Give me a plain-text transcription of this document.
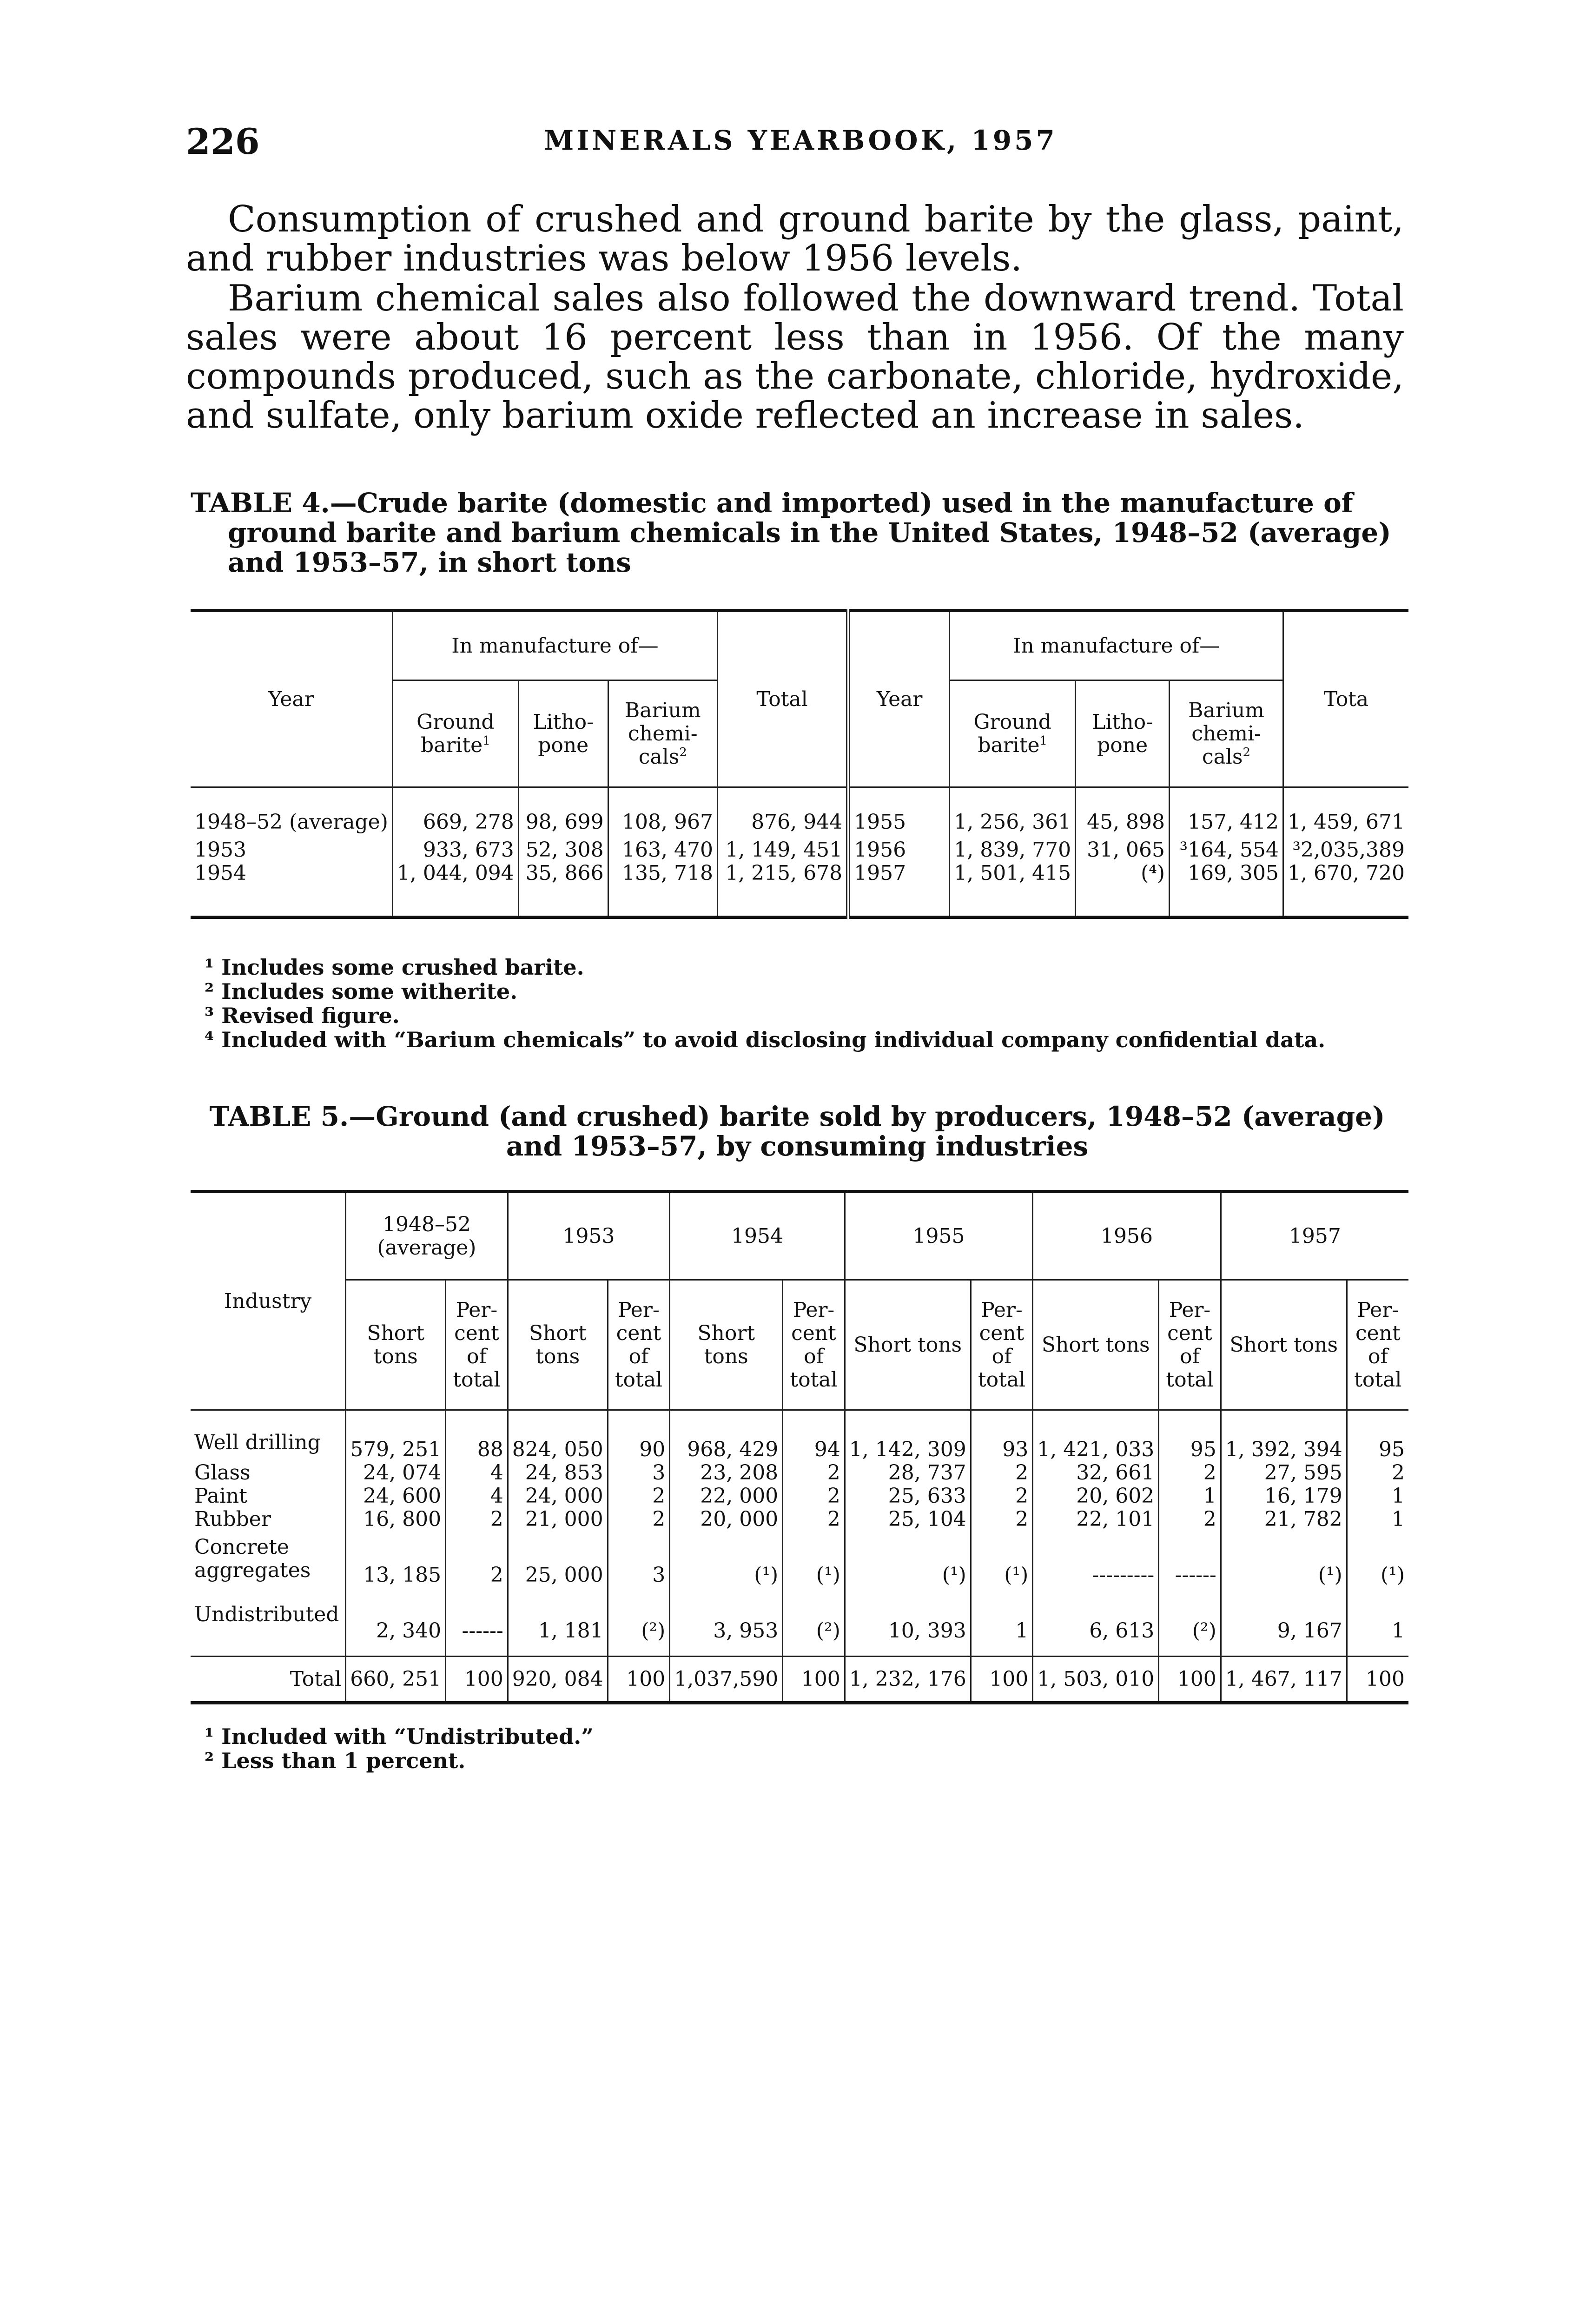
226	MINERALS YEARBOOK, 1957

Consumption of crushed and ground barite by the glass, paint, and rubber industries was below 1956 levels.

Barium chemical sales also followed the downward trend. Total sales were about 16 percent less than in 1956. Of the many compounds produced, such as the carbonate, chloride, hydroxide, and sulfate, only barium oxide reflected an increase in sales.

TABLE 4.—Crude barite (domestic and imported) used in the manufacture of ground barite and barium chemicals in the United States, 1948–52 (average) and 1953–57, in short tons

Year	In manufacture of—			Total	Year	In manufacture of—			Tota
	Ground barite$^1$	Litho- pone	Barium chemi- cals$^2$			Ground barite$^1$	Litho- pone	Barium chemi- cals$^2$
1948–52 (average)	669, 278	98, 699	108, 967	876, 944	1955	1, 256, 361	45, 898	157, 412	1, 459, 671
1953	933, 673	52, 308	163, 470	1, 149, 451	1956	1, 839, 770	31, 065	³164, 554	³2,035,389
1954	1, 044, 094	35, 866	135, 718	1, 215, 678	1957	1, 501, 415	(⁴)	169, 305	1, 670, 720

¹ Includes some crushed barite.
² Includes some witherite.
³ Revised figure.
⁴ Included with “Barium chemicals” to avoid disclosing individual company confidential data.

TABLE 5.—Ground (and crushed) barite sold by producers, 1948–52 (average) and 1953–57, by consuming industries

Industry	1948–52 (average)		1953		1954		1955		1956		1957	
	Short tons	Per- cent of total	Short tons	Per- cent of total	Short tons	Per- cent of total	Short tons	Per- cent of total	Short tons	Per- cent of total	Short tons	Per- cent of total
Well drilling	579, 251	88	824, 050	90	968, 429	94	1, 142, 309	93	1, 421, 033	95	1, 392, 394	95
Glass	24, 074	4	24, 853	3	23, 208	2	28, 737	2	32, 661	2	27, 595	2
Paint	24, 600	4	24, 000	2	22, 000	2	25, 633	2	20, 602	1	16, 179	1
Rubber	16, 800	2	21, 000	2	20, 000	2	25, 104	2	22, 101	2	21, 782	1
Concrete aggregates	13, 185	2	25, 000	3	(¹)	(¹)	(¹)	(¹)	---------	------	(¹)	(¹)
Undistributed	2, 340	------	1, 181	(²)	3, 953	(²)	10, 393	1	6, 613	(²)	9, 167	1

Total	660, 251	100	920, 084	100	1,037,590	100	1, 232, 176	100	1, 503, 010	100	1, 467, 117	100
¹ Included with “Undistributed.”
² Less than 1 percent.
